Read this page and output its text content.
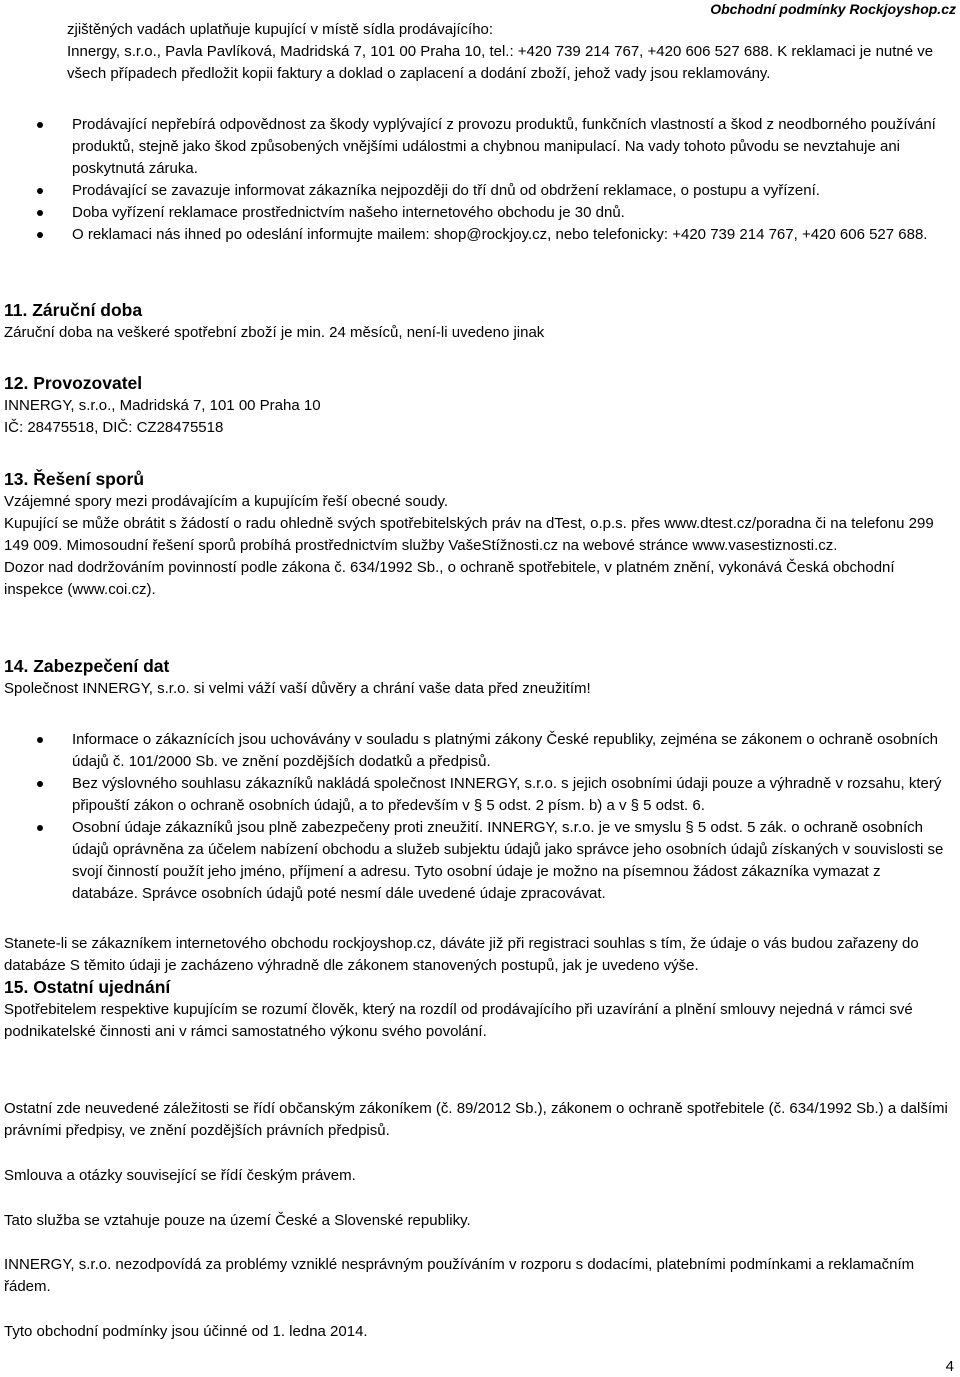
Obchodní podmínky Rockjoyshop.cz

zjištěných vadách uplatňuje kupující v místě sídla prodávajícího:

Innergy, s.r.o., Pavla Pavlíková, Madridská 7, 101 00 Praha 10, tel.: +420 739 214 767, +420 606 527 688. K reklamaci je nutné ve všech případech předložit kopii faktury a doklad o zaplacení a dodání zboží, jehož vady jsou reklamovány.

Prodávající nepřebírá odpovědnost za škody vyplývající z provozu produktů, funkčních vlastností a škod z neodborného používání produktů, stejně jako škod způsobených vnějšími událostmi a chybnou manipulací. Na vady tohoto původu se nevztahuje ani poskytnutá záruka.
Prodávající se zavazuje informovat zákazníka nejpozději do tří dnů od obdržení reklamace, o postupu a vyřízení.
Doba vyřízení reklamace prostřednictvím našeho internetového obchodu je 30 dnů.
O reklamaci nás ihned po odeslání informujte mailem: shop@rockjoy.cz, nebo telefonicky: +420 739 214 767, +420 606 527 688.
11. Záruční doba

Záruční doba na veškeré spotřební zboží je min. 24 měsíců, není-li uvedeno jinak

12. Provozovatel

INNERGY, s.r.o., Madridská 7, 101 00 Praha 10

IČ: 28475518, DIČ: CZ28475518

13. Řešení sporů

Vzájemné spory mezi prodávajícím a kupujícím řeší obecné soudy.

Kupující se může obrátit s žádostí o radu ohledně svých spotřebitelských práv na dTest, o.p.s. přes www.dtest.cz/poradna či na telefonu 299 149 009. Mimosoudní řešení sporů probíhá prostřednictvím služby VašeStížnosti.cz na webové stránce www.vasestiznosti.cz.

Dozor nad dodržováním povinností podle zákona č. 634/1992 Sb., o ochraně spotřebitele, v platném znění, vykonává Česká obchodní inspekce (www.coi.cz).

14. Zabezpečení dat

Společnost INNERGY, s.r.o. si velmi váží vaší důvěry a chrání vaše data před zneužitím!

Informace o zákaznících jsou uchovávány v souladu s platnými zákony České republiky, zejména se zákonem o ochraně osobních údajů č. 101/2000 Sb. ve znění pozdějších dodatků a předpisů.
Bez výslovného souhlasu zákazníků nakládá společnost INNERGY, s.r.o. s jejich osobními údaji pouze a výhradně v rozsahu, který připouští zákon o ochraně osobních údajů, a to především v § 5 odst. 2 písm. b) a v § 5 odst. 6.
Osobní údaje zákazníků jsou plně zabezpečeny proti zneužití. INNERGY, s.r.o. je ve smyslu § 5 odst. 5 zák. o ochraně osobních údajů oprávněna za účelem nabízení obchodu a služeb subjektu údajů jako správce jeho osobních údajů získaných v souvislosti se svojí činností použít jeho jméno, příjmení a adresu. Tyto osobní údaje je možno na písemnou žádost zákazníka vymazat z databáze. Správce osobních údajů poté nesmí dále uvedené údaje zpracovávat.

Stanete-li se zákazníkem internetového obchodu rockjoyshop.cz, dáváte již při registraci souhlas s tím, že údaje o vás budou zařazeny do databáze S těmito údaji je zacházeno výhradně dle zákonem stanovených postupů, jak je uvedeno výše.

15. Ostatní ujednání

Spotřebitelem respektive kupujícím se rozumí člověk, který na rozdíl od prodávajícího při uzavírání a plnění smlouvy nejedná v rámci své podnikatelské činnosti ani v rámci samostatného výkonu svého povolání.

Ostatní zde neuvedené záležitosti se řídí občanským zákoníkem (č. 89/2012 Sb.), zákonem o ochraně spotřebitele (č. 634/1992 Sb.) a dalšími právními předpisy, ve znění pozdějších právních předpisů.

Smlouva a otázky související se řídí českým právem.

Tato služba se vztahuje pouze na území České a Slovenské republiky.

INNERGY, s.r.o. nezodpovídá za problémy vzniklé nesprávným používáním v rozporu s dodacími, platebními podmínkami a reklamačním řádem.

Tyto obchodní podmínky jsou účinné od 1. ledna 2014.

4
